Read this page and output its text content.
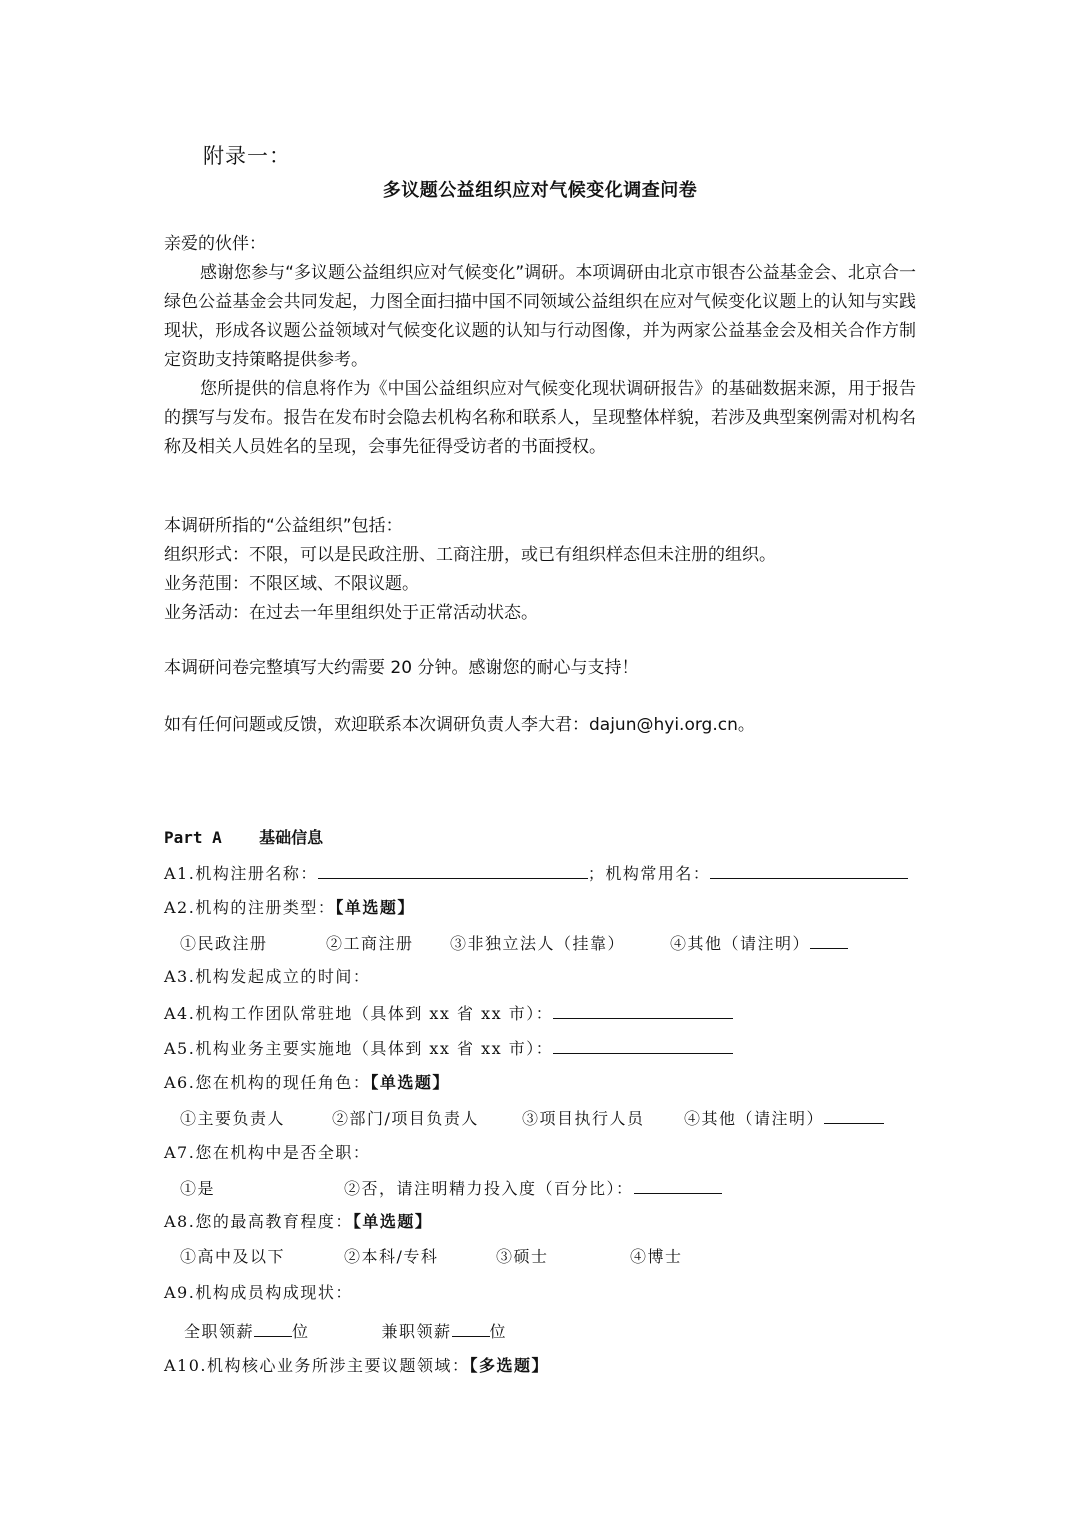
附录一：
多议题公益组织应对气候变化调查问卷

亲爱的伙伴：

感谢您参与“多议题公益组织应对气候变化”调研。本项调研由北京市银杏公益基金会、北京合一绿色公益基金会共同发起，力图全面扫描中国不同领域公益组织在应对气候变化议题上的认知与实践现状，形成各议题公益领域对气候变化议题的认知与行动图像，并为两家公益基金会及相关合作方制定资助支持策略提供参考。

您所提供的信息将作为《中国公益组织应对气候变化现状调研报告》的基础数据来源，用于报告的撰写与发布。报告在发布时会隐去机构名称和联系人，呈现整体样貌，若涉及典型案例需对机构名称及相关人员姓名的呈现，会事先征得受访者的书面授权。

本调研所指的“公益组织”包括：
组织形式：不限，可以是民政注册、工商注册，或已有组织样态但未注册的组织。
业务范围：不限区域、不限议题。
业务活动：在过去一年里组织处于正常活动状态。
本调研问卷完整填写大约需要 20 分钟。感谢您的耐心与支持！
如有任何问题或反馈，欢迎联系本次调研负责人李大君：dajun@hyi.org.cn。
Part A 基础信息
A1.机构注册名称：	；机构常用名：
A2.机构的注册类型：【单选题】
①民政注册	②工商注册 ③非独立法人（挂靠）	④其他（请注明）
A3.机构发起成立的时间：
A4.机构工作团队常驻地（具体到 xx 省 xx 市）：
A5.机构业务主要实施地（具体到 xx 省 xx 市）：
A6.您在机构的现任角色：【单选题】
①主要负责人	②部门/项目负责人	③项目执行人员 ④其他（请注明）
A7.您在机构中是否全职：
①是	②否，请注明精力投入度（百分比）：
A8.您的最高教育程度：【单选题】
①高中及以下	②本科/专科	③硕士	④博士
A9.机构成员构成现状：
全职领薪 位	兼职领薪 位
A10.机构核心业务所涉主要议题领域：【多选题】
